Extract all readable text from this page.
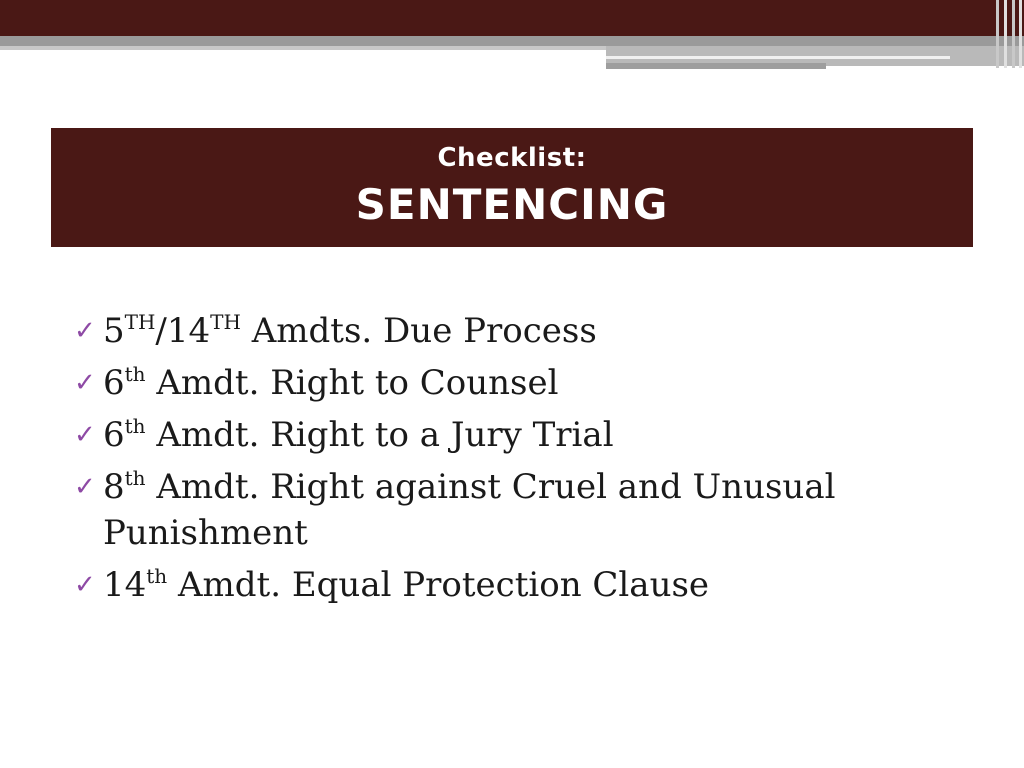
Checklist:
SENTENCING
✓ 5TH/14TH Amdts. Due Process
✓ 6th Amdt. Right to Counsel
✓ 6th Amdt. Right to a Jury Trial
✓ 8th Amdt. Right against Cruel and Unusual Punishment
✓ 14th Amdt. Equal Protection Clause
